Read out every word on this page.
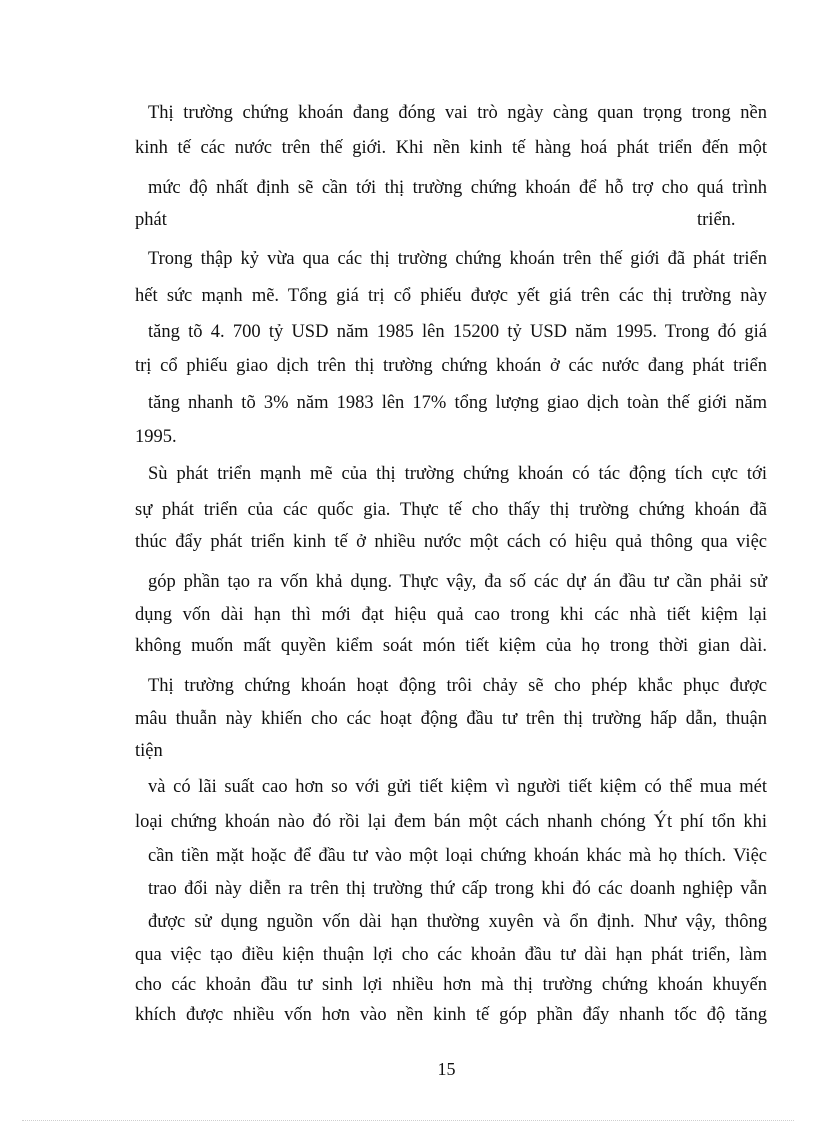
Thị trường chứng khoán đang đóng vai trò ngày càng quan trọng trong nền
kinh tế các nước trên thế giới. Khi nền kinh tế hàng hoá phát triển đến một
mức độ nhất định sẽ cần tới thị trường chứng khoán để hỗ trợ cho quá trình
phát	triển.
Trong thập kỷ vừa qua các thị trường chứng khoán trên thế giới đã phát triển
hết sức mạnh mẽ. Tổng giá trị cổ phiếu được yết giá trên các thị trường này
tăng tõ 4. 700 tỷ USD năm 1985 lên 15200 tỷ USD năm 1995. Trong đó giá
trị cổ phiếu giao dịch trên thị trường chứng khoán ở các nước đang phát triển
tăng nhanh tõ 3% năm 1983 lên 17% tổng lượng giao dịch toàn thế giới năm
1995.
Sù phát triển mạnh mẽ của thị trường chứng khoán có tác động tích cực tới
sự phát triển của các quốc gia. Thực tế cho thấy thị trường chứng khoán đã
thúc đẩy phát triển kinh tế ở nhiều nước một cách có hiệu quả thông qua việc
góp phần tạo ra vốn khả dụng. Thực vậy, đa số các dự án đầu tư cần phải sử
dụng vốn dài hạn thì mới đạt hiệu quả cao trong khi các nhà tiết kiệm lại
không muốn mất quyền kiểm soát món tiết kiệm của họ trong thời gian dài.
Thị trường chứng khoán hoạt động trôi chảy sẽ cho phép khắc phục được
mâu thuẫn này khiến cho các hoạt động đầu tư trên thị trường hấp dẫn, thuận
tiện
và có lãi suất cao hơn so với gửi tiết kiệm vì người tiết kiệm có thể mua mét
loại chứng khoán nào đó rồi lại đem bán một cách nhanh chóng Ýt phí tổn khi
cần tiền mặt hoặc để đầu tư vào một loại chứng khoán khác mà họ thích. Việc
trao đổi này diễn ra trên thị trường thứ cấp trong khi đó các doanh nghiệp vẫn
được sử dụng nguồn vốn dài hạn thường xuyên và ổn định. Như vậy, thông
qua việc tạo điều kiện thuận lợi cho các khoản đầu tư dài hạn phát triển, làm
cho các khoản đầu tư sinh lợi nhiều hơn mà thị trường chứng khoán khuyến
khích được nhiều vốn hơn vào nền kinh tế góp phần đẩy nhanh tốc độ tăng
15
